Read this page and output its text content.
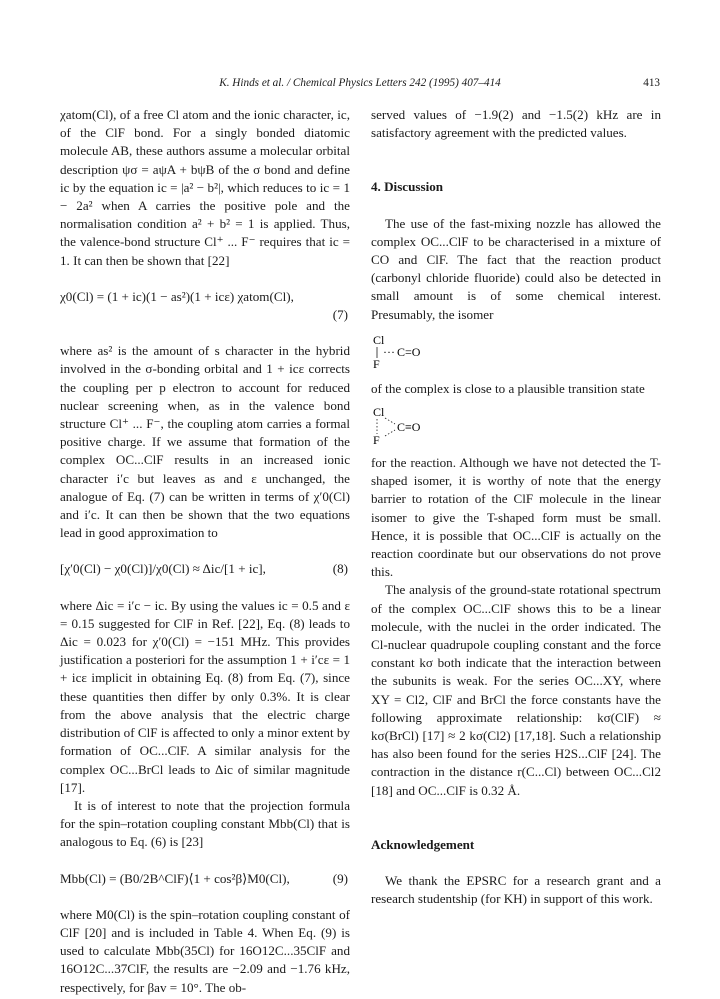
K. Hinds et al. / Chemical Physics Letters 242 (1995) 407–414	413

χatom(Cl), of a free Cl atom and the ionic character, ic, of the ClF bond. For a singly bonded diatomic molecule AB, these authors assume a molecular orbital description ψσ = aψA + bψB of the σ bond and define ic by the equation ic = |a² − b²|, which reduces to ic = 1 − 2a² when A carries the positive pole and the normalisation condition a² + b² = 1 is applied. Thus, the valence-bond structure Cl⁺ ... F⁻ requires that ic = 1. It can then be shown that [22]

χ0(Cl) = (1 + ic)(1 − as²)(1 + icε) χatom(Cl),
(7)

where as² is the amount of s character in the hybrid involved in the σ-bonding orbital and 1 + icε corrects the coupling per p electron to account for reduced nuclear screening when, as in the valence bond structure Cl⁺ ... F⁻, the coupling atom carries a formal positive charge. If we assume that formation of the complex OC...ClF results in an increased ionic character i′c but leaves as and ε unchanged, the analogue of Eq. (7) can be written in terms of χ′0(Cl) and i′c. It can then be shown that the two equations lead in good approximation to

[χ′0(Cl) − χ0(Cl)]/χ0(Cl) ≈ Δic/[1 + ic],	(8)

where Δic = i′c − ic. By using the values ic = 0.5 and ε = 0.15 suggested for ClF in Ref. [22], Eq. (8) leads to Δic = 0.023 for χ′0(Cl) = −151 MHz. This provides justification a posteriori for the assumption 1 + i′cε = 1 + icε implicit in obtaining Eq. (8) from Eq. (7), since these quantities then differ by only 0.3%. It is clear from the above analysis that the electric charge distribution of ClF is affected to only a minor extent by formation of OC...ClF. A similar analysis for the complex OC...BrCl leads to Δic of similar magnitude [17].

It is of interest to note that the projection formula for the spin–rotation coupling constant Mbb(Cl) that is analogous to Eq. (6) is [23]

Mbb(Cl) = (B0/2B^ClF)⟨1 + cos²β⟩M0(Cl),	(9)

where M0(Cl) is the spin–rotation coupling constant of ClF [20] and is included in Table 4. When Eq. (9) is used to calculate Mbb(35Cl) for 16O12C...35ClF and 16O12C...37ClF, the results are −2.09 and −1.76 kHz, respectively, for βav = 10°. The ob-

served values of −1.9(2) and −1.5(2) kHz are in satisfactory agreement with the predicted values.

4. Discussion

The use of the fast-mixing nozzle has allowed the complex OC...ClF to be characterised in a mixture of CO and ClF. The fact that the reaction product (carbonyl chloride fluoride) could also be detected in small amount is of some chemical interest. Presumably, the isomer

Cl
··· C=O
F

of the complex is close to a plausible transition state

Cl
C≡O
F

for the reaction. Although we have not detected the T-shaped isomer, it is worthy of note that the energy barrier to rotation of the ClF molecule in the linear isomer to give the T-shaped form must be small. Hence, it is possible that OC...ClF is actually on the reaction coordinate but our observations do not prove this.

The analysis of the ground-state rotational spectrum of the complex OC...ClF shows this to be a linear molecule, with the nuclei in the order indicated. The Cl-nuclear quadrupole coupling constant and the force constant kσ both indicate that the interaction between the subunits is weak. For the series OC...XY, where XY = Cl2, ClF and BrCl the force constants have the following approximate relationship: kσ(ClF) ≈ kσ(BrCl) [17] ≈ 2 kσ(Cl2) [17,18]. Such a relationship has also been found for the series H2S...ClF [24]. The contraction in the distance r(C...Cl) between OC...Cl2 [18] and OC...ClF is 0.32 Å.

Acknowledgement

We thank the EPSRC for a research grant and a research studentship (for KH) in support of this work.
